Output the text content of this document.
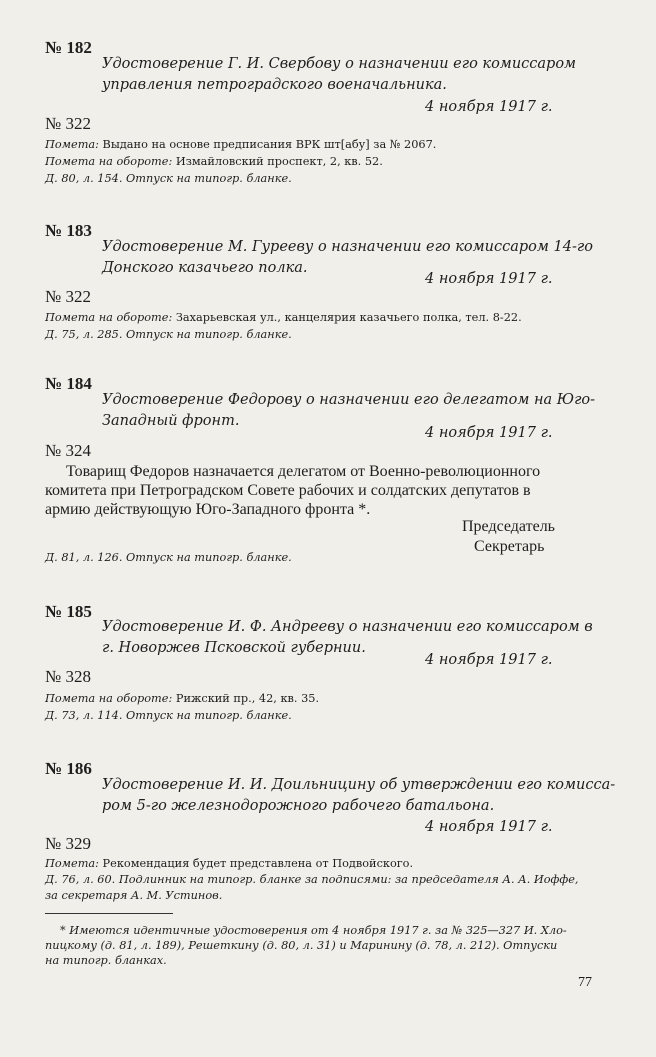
№ 182
Удостоверение Г. И. Свербову о назначении его комиссаром
управления петроградского военачальника.
4 ноября 1917 г.
№ 322
Помета: Выдано на основе предписания ВРК шт[абу] за № 2067.
Помета на обороте: Измайловский проспект, 2, кв. 52.
Д. 80, л. 154. Отпуск на типогр. бланке.
№ 183
Удостоверение М. Гурееву о назначении его комиссаром 14-го
Донского казачьего полка.
4 ноября 1917 г.
№ 322
Помета на обороте: Захарьевская ул., канцелярия казачьего полка, тел. 8-22.
Д. 75, л. 285. Отпуск на типогр. бланке.
№ 184
Удостоверение Федорову о назначении его делегатом на Юго-
Западный фронт.
4 ноября 1917 г.
№ 324
Товарищ Федоров назначается делегатом от Военно-революционного
комитета при Петроградском Совете рабочих и солдатских депутатов в
армию действующую Юго-Западного фронта *.
Председатель
Секретарь
Д. 81, л. 126. Отпуск на типогр. бланке.
№ 185
Удостоверение И. Ф. Андрееву о назначении его комиссаром в
г. Новоржев Псковской губернии.
4 ноября 1917 г.
№ 328
Помета на обороте: Рижский пр., 42, кв. 35.
Д. 73, л. 114. Отпуск на типогр. бланке.
№ 186
Удостоверение И. И. Доильницину об утверждении его комисса-
ром 5-го железнодорожного рабочего батальона.
4 ноября 1917 г.
№ 329
Помета: Рекомендация будет представлена от Подвойского.
Д. 76, л. 60. Подлинник на типогр. бланке за подписями: за председателя А. А. Иоффе,
за секретаря А. М. Устинов.
* Имеются идентичные удостоверения от 4 ноября 1917 г. за № 325—327 И. Хло-
пицкому (д. 81, л. 189), Решеткину (д. 80, л. 31) и Маринину (д. 78, л. 212). Отпуски
на типогр. бланках.
77
